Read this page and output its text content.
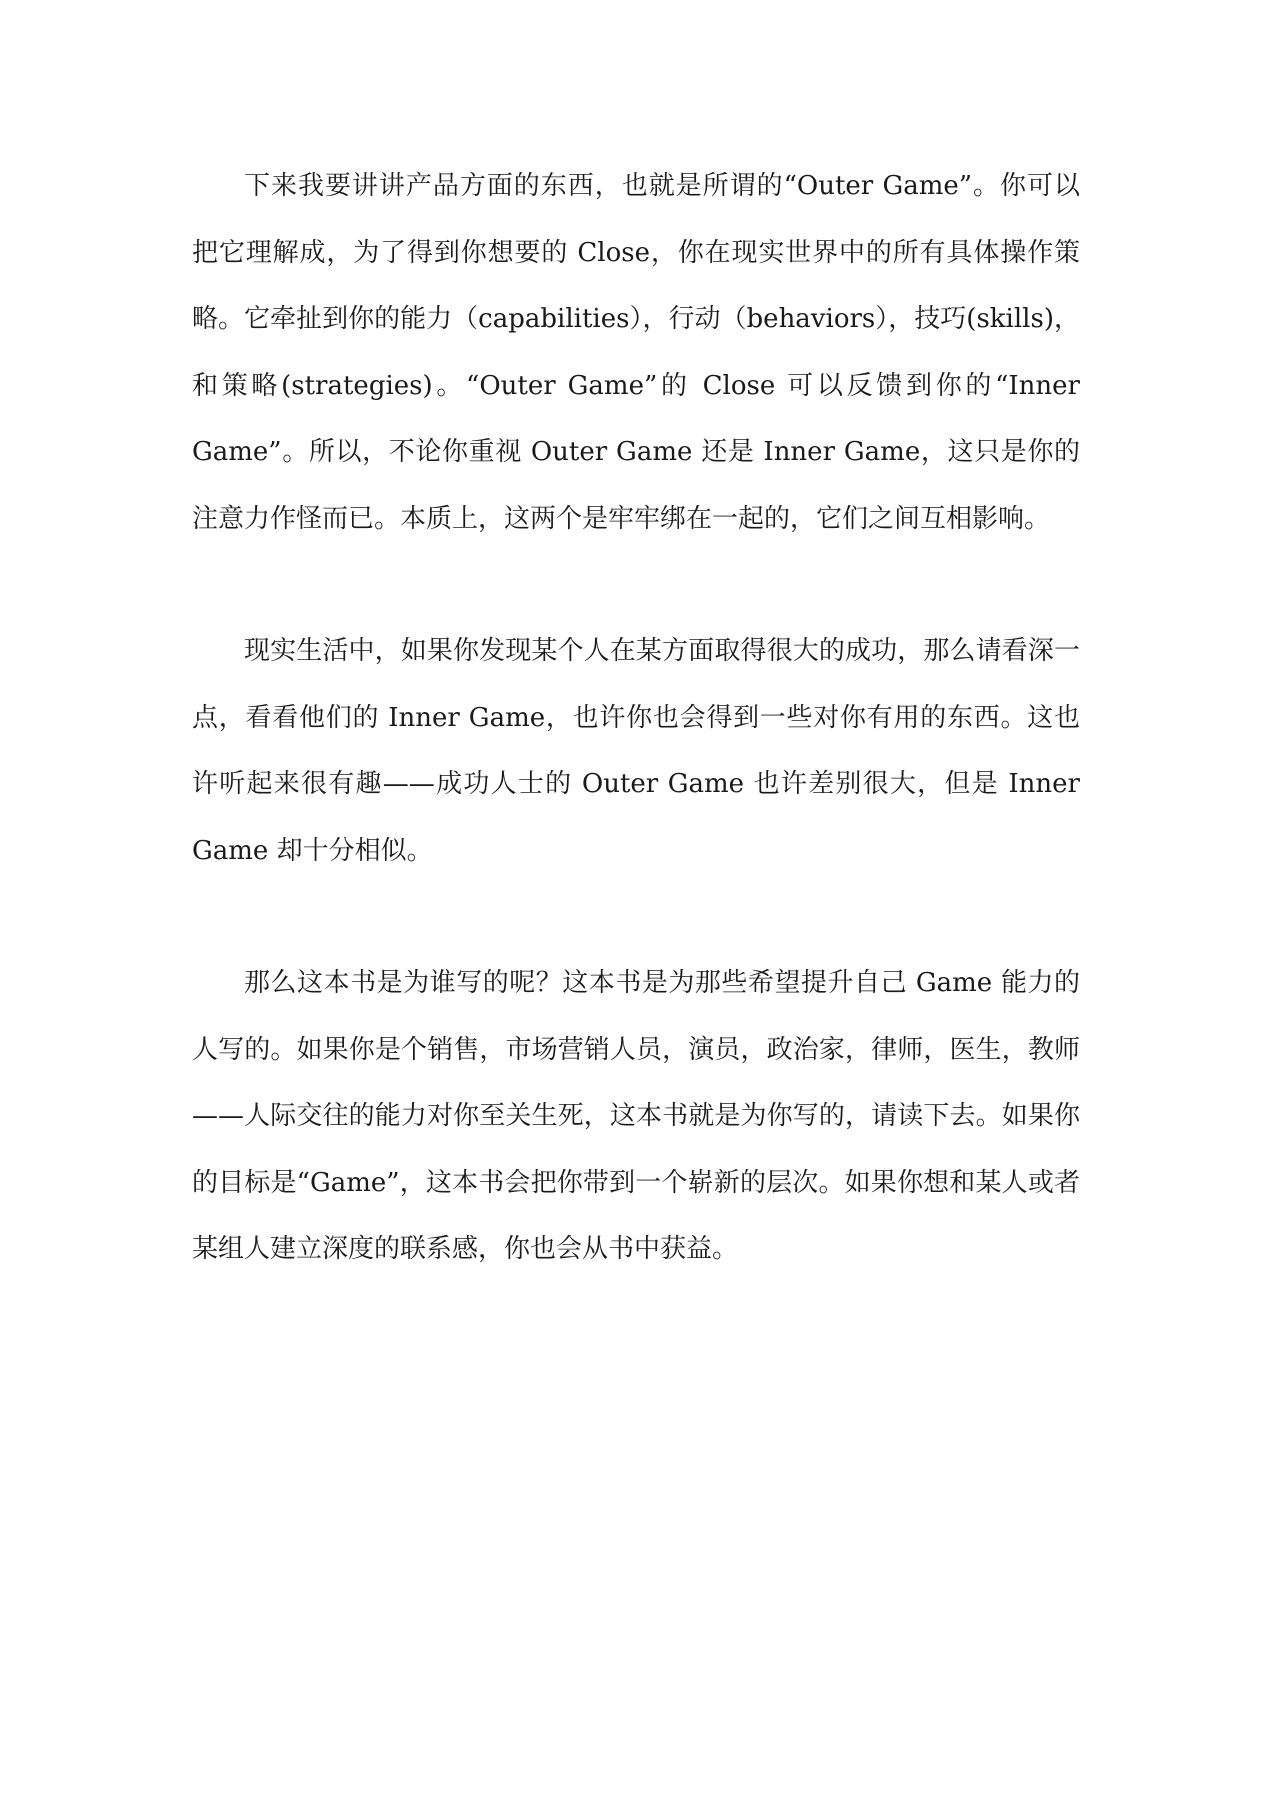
下来我要讲讲产品方面的东西，也就是所谓的“Outer Game”。你可以把它理解成，为了得到你想要的 Close，你在现实世界中的所有具体操作策略。它牵扯到你的能力（capabilities），行动（behaviors），技巧(skills)，和策略(strategies)。“Outer Game”的 Close 可以反馈到你的“Inner Game”。所以，不论你重视 Outer Game 还是 Inner Game，这只是你的注意力作怪而已。本质上，这两个是牢牢绑在一起的，它们之间互相影响。

现实生活中，如果你发现某个人在某方面取得很大的成功，那么请看深一点，看看他们的 Inner Game，也许你也会得到一些对你有用的东西。这也许听起来很有趣——成功人士的 Outer Game 也许差别很大，但是 Inner Game 却十分相似。

那么这本书是为谁写的呢？这本书是为那些希望提升自己 Game 能力的人写的。如果你是个销售，市场营销人员，演员，政治家，律师，医生，教师——人际交往的能力对你至关生死，这本书就是为你写的，请读下去。如果你的目标是“Game”，这本书会把你带到一个崭新的层次。如果你想和某人或者某组人建立深度的联系感，你也会从书中获益。
